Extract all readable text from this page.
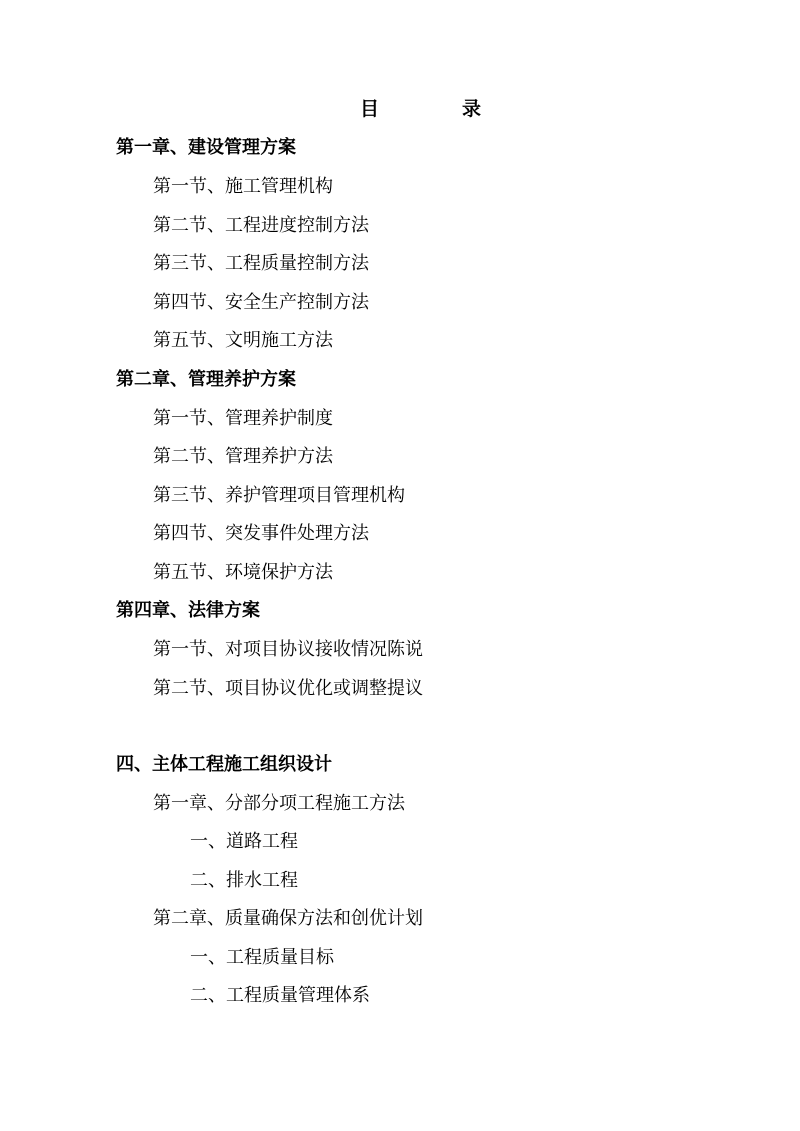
目	录
第一章、建设管理方案
第一节、施工管理机构
第二节、工程进度控制方法
第三节、工程质量控制方法
第四节、安全生产控制方法
第五节、文明施工方法
第二章、管理养护方案
第一节、管理养护制度
第二节、管理养护方法
第三节、养护管理项目管理机构
第四节、突发事件处理方法
第五节、环境保护方法
第四章、法律方案
第一节、对项目协议接收情况陈说
第二节、项目协议优化或调整提议
四、主体工程施工组织设计
第一章、分部分项工程施工方法
一、道路工程
二、排水工程
第二章、质量确保方法和创优计划
一、工程质量目标
二、工程质量管理体系
